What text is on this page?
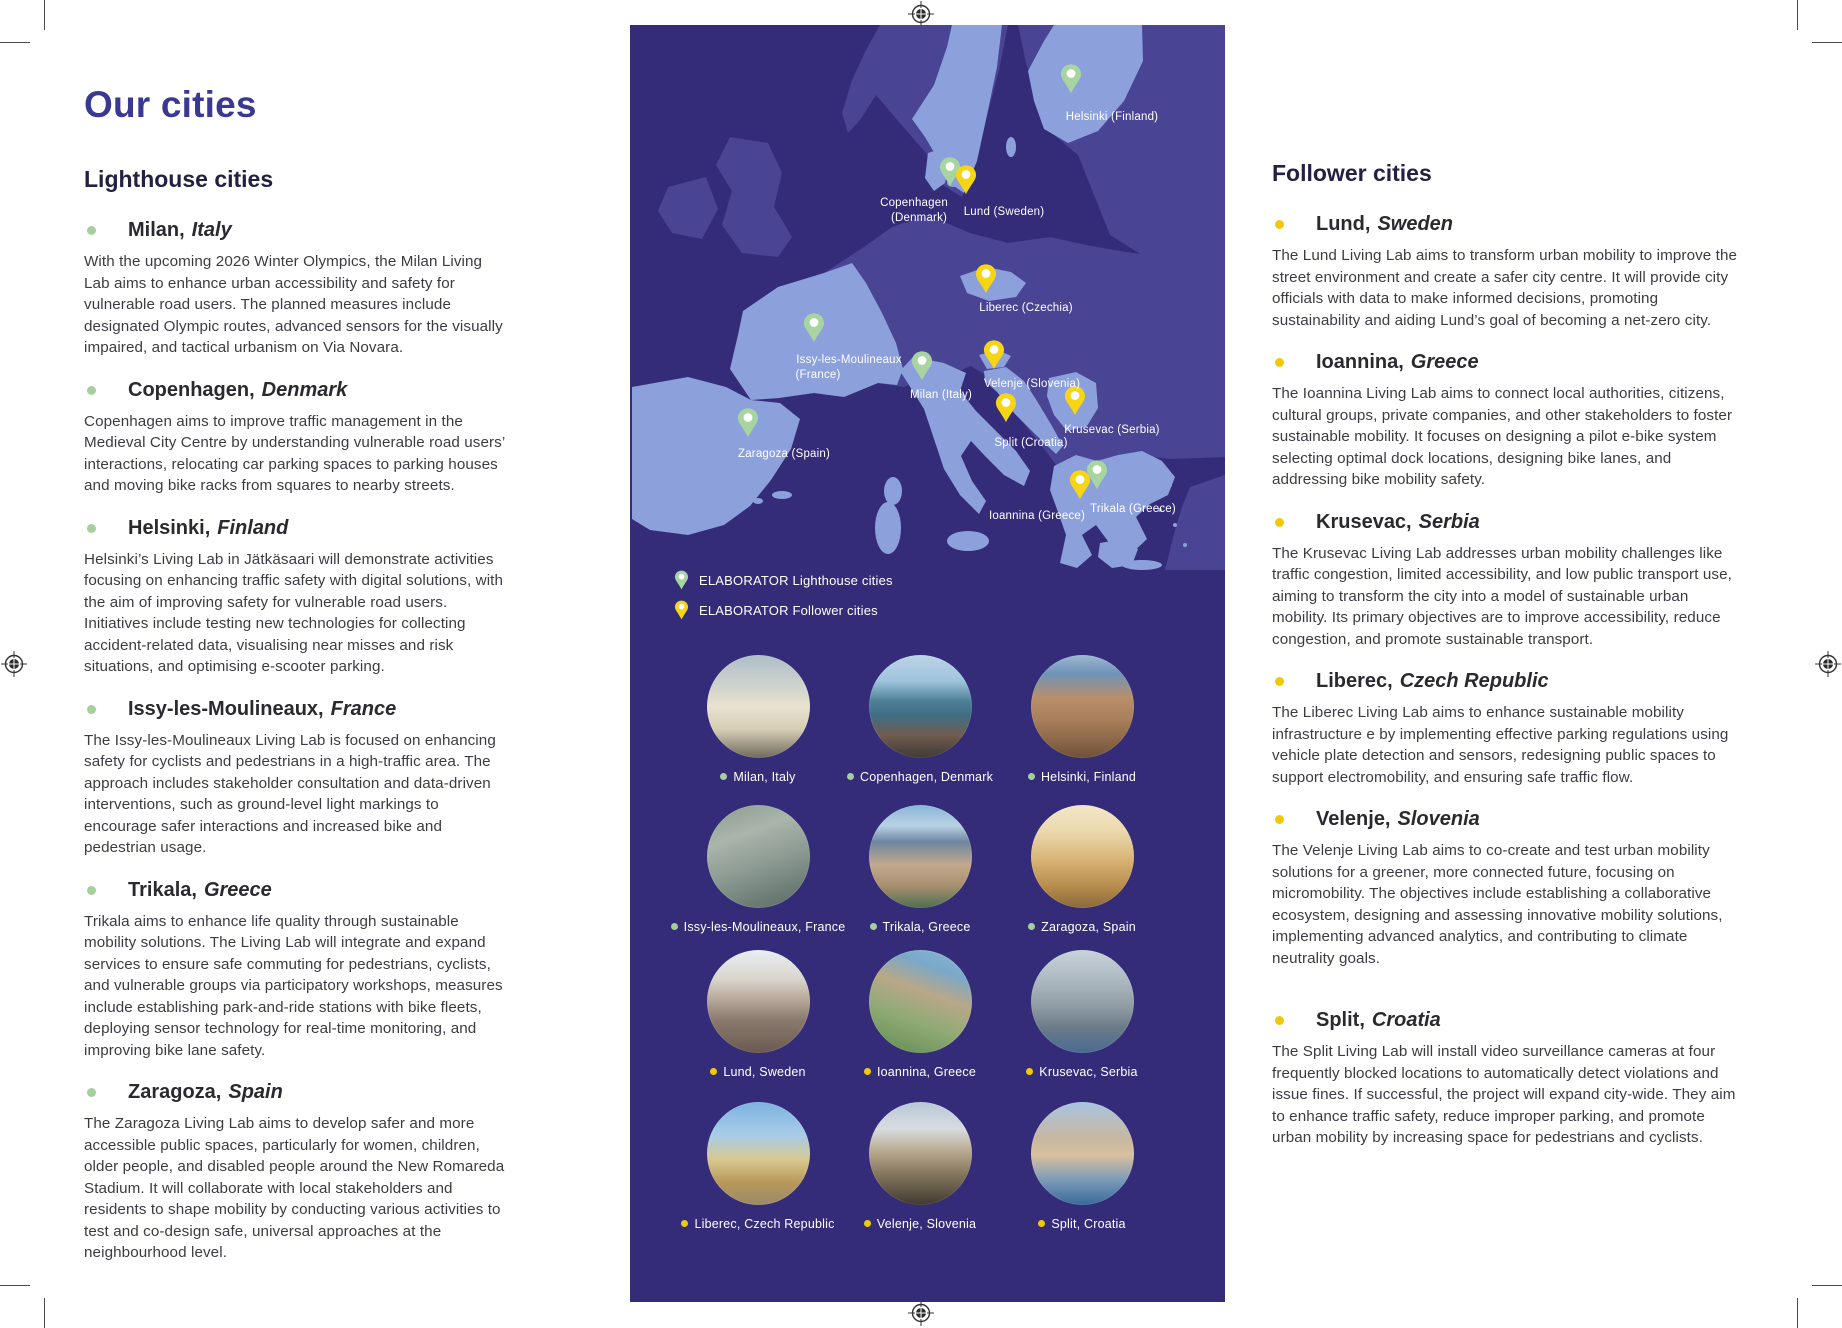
Our cities
Lighthouse cities
Milan, Italy

With the upcoming 2026 Winter Olympics, the Milan Living Lab aims to enhance urban accessibility and safety for vulnerable road users. The planned measures include designated Olympic routes, advanced sensors for the visually impaired, and tactical urbanism on Via Novara.

Copenhagen, Denmark

Copenhagen aims to improve traffic management in the Medieval City Centre by understanding vulnerable road users’ interactions, relocating car parking spaces to parking houses and moving bike racks from squares to nearby streets.

Helsinki, Finland

Helsinki’s Living Lab in Jätkäsaari will demonstrate activities focusing on enhancing traffic safety with digital solutions, with the aim of improving safety for vulnerable road users. Initiatives include testing new technologies for collecting accident-related data, visualising near misses and risk situations, and optimising e-scooter parking.

Issy-les-Moulineaux, France

The Issy-les-Moulineaux Living Lab is focused on enhancing safety for cyclists and pedestrians in a high-traffic area. The approach includes stakeholder consultation and data-driven interventions, such as ground-level light markings to encourage safer interactions and increased bike and pedestrian usage.

Trikala, Greece

Trikala aims to enhance life quality through sustainable mobility solutions. The Living Lab will integrate and expand services to ensure safe commuting for pedestrians, cyclists, and vulnerable groups via participatory workshops, measures include establishing park-and-ride stations with bike fleets, deploying sensor technology for real-time monitoring, and improving bike lane safety.

Zaragoza, Spain

The Zaragoza Living Lab aims to develop safer and more accessible public spaces, particularly for women, children, older people, and disabled people around the New Romareda Stadium. It will collaborate with local stakeholders and residents to shape mobility by conducting various activities to test and co-design safe, universal approaches at the neighbourhood level.

Follower cities
Lund, Sweden

The Lund Living Lab aims to transform urban mobility to improve the street environment and create a safer city centre. It will provide city officials with data to make informed decisions, promoting sustainability and aiding Lund’s goal of becoming a net-zero city.

Ioannina, Greece

The Ioannina Living Lab aims to connect local authorities, citizens, cultural groups, private companies, and other stakeholders to foster sustainable mobility. It focuses on designing a pilot e-bike system selecting optimal dock locations, designing bike lanes, and addressing bike mobility safety.

Krusevac, Serbia

The Krusevac Living Lab addresses urban mobility challenges like traffic congestion, limited accessibility, and low public transport use, aiming to transform the city into a model of sustainable urban mobility. Its primary objectives are to improve accessibility, reduce congestion, and promote sustainable transport.

Liberec, Czech Republic

The Liberec Living Lab aims to enhance sustainable mobility infrastructure e by implementing effective parking regulations using vehicle plate detection and sensors, redesigning public spaces to support electromobility, and ensuring safe traffic flow.

Velenje, Slovenia

The Velenje Living Lab aims to co-create and test urban mobility solutions for a greener, more connected future, focusing on micromobility. The objectives include establishing a collaborative ecosystem, designing and assessing innovative mobility solutions, implementing advanced analytics, and contributing to climate neutrality goals.

Split, Croatia

The Split Living Lab will install video surveillance cameras at four frequently blocked locations to automatically detect violations and issue fines. If successful, the project will expand city-wide. They aim to enhance traffic safety, reduce improper parking, and promote urban mobility by increasing space for pedestrians and cyclists.

Helsinki (Finland)
Copenhagen
(Denmark) Lund (Sweden)
Liberec (Czechia)
Issy-les-Moulineaux
(France)
Milan (Italy)
Velenje (Slovenia)
Split (Croatia)
Krusevac (Serbia)
Zaragoza (Spain)
Ioannina (Greece)
Trikala (Greece)
ELABORATOR Lighthouse cities
ELABORATOR Follower cities
Milan, Italy	Copenhagen, Denmark	Helsinki, Finland
Issy-les-Moulineaux, France	Trikala, Greece	Zaragoza, Spain
Lund, Sweden	Ioannina, Greece	Krusevac, Serbia
Liberec, Czech Republic	Velenje, Slovenia	Split, Croatia
